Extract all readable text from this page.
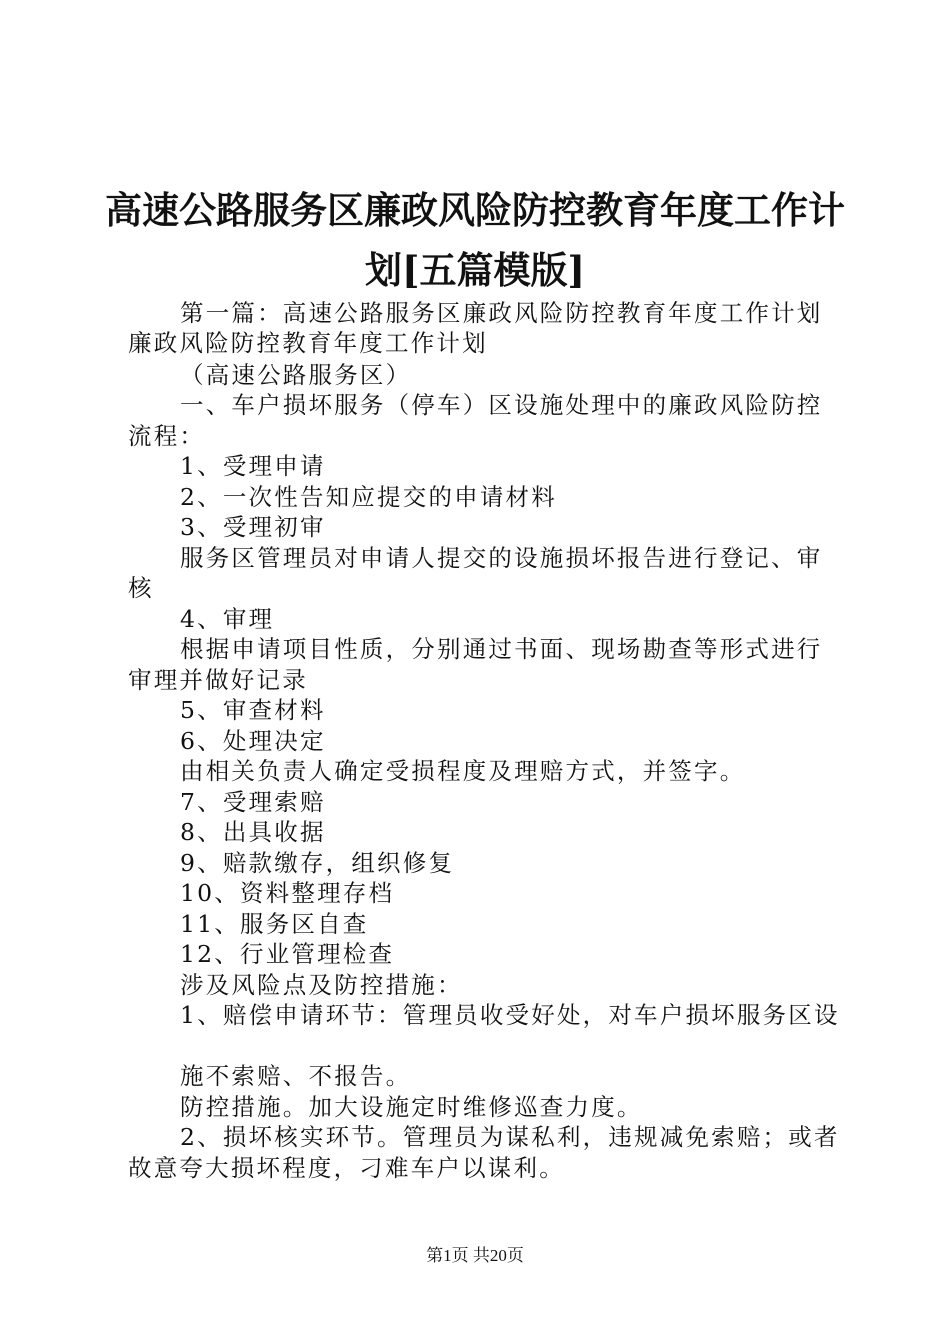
高速公路服务区廉政风险防控教育年度工作计
划[五篇模版]
第一篇：高速公路服务区廉政风险防控教育年度工作计划
廉政风险防控教育年度工作计划
（高速公路服务区）
一、车户损坏服务（停车）区设施处理中的廉政风险防控
流程：
1、受理申请
2、一次性告知应提交的申请材料
3、受理初审
服务区管理员对申请人提交的设施损坏报告进行登记、审
核
4、审理
根据申请项目性质，分别通过书面、现场勘查等形式进行
审理并做好记录
5、审查材料
6、处理决定
由相关负责人确定受损程度及理赔方式，并签字。
7、受理索赔
8、出具收据
9、赔款缴存，组织修复
10、资料整理存档
11、服务区自查
12、行业管理检查
涉及风险点及防控措施：
1、赔偿申请环节：管理员收受好处，对车户损坏服务区设
施不索赔、不报告。
防控措施。加大设施定时维修巡查力度。
2、损坏核实环节。管理员为谋私利，违规减免索赔；或者
故意夸大损坏程度，刁难车户以谋利。
第1页 共20页
